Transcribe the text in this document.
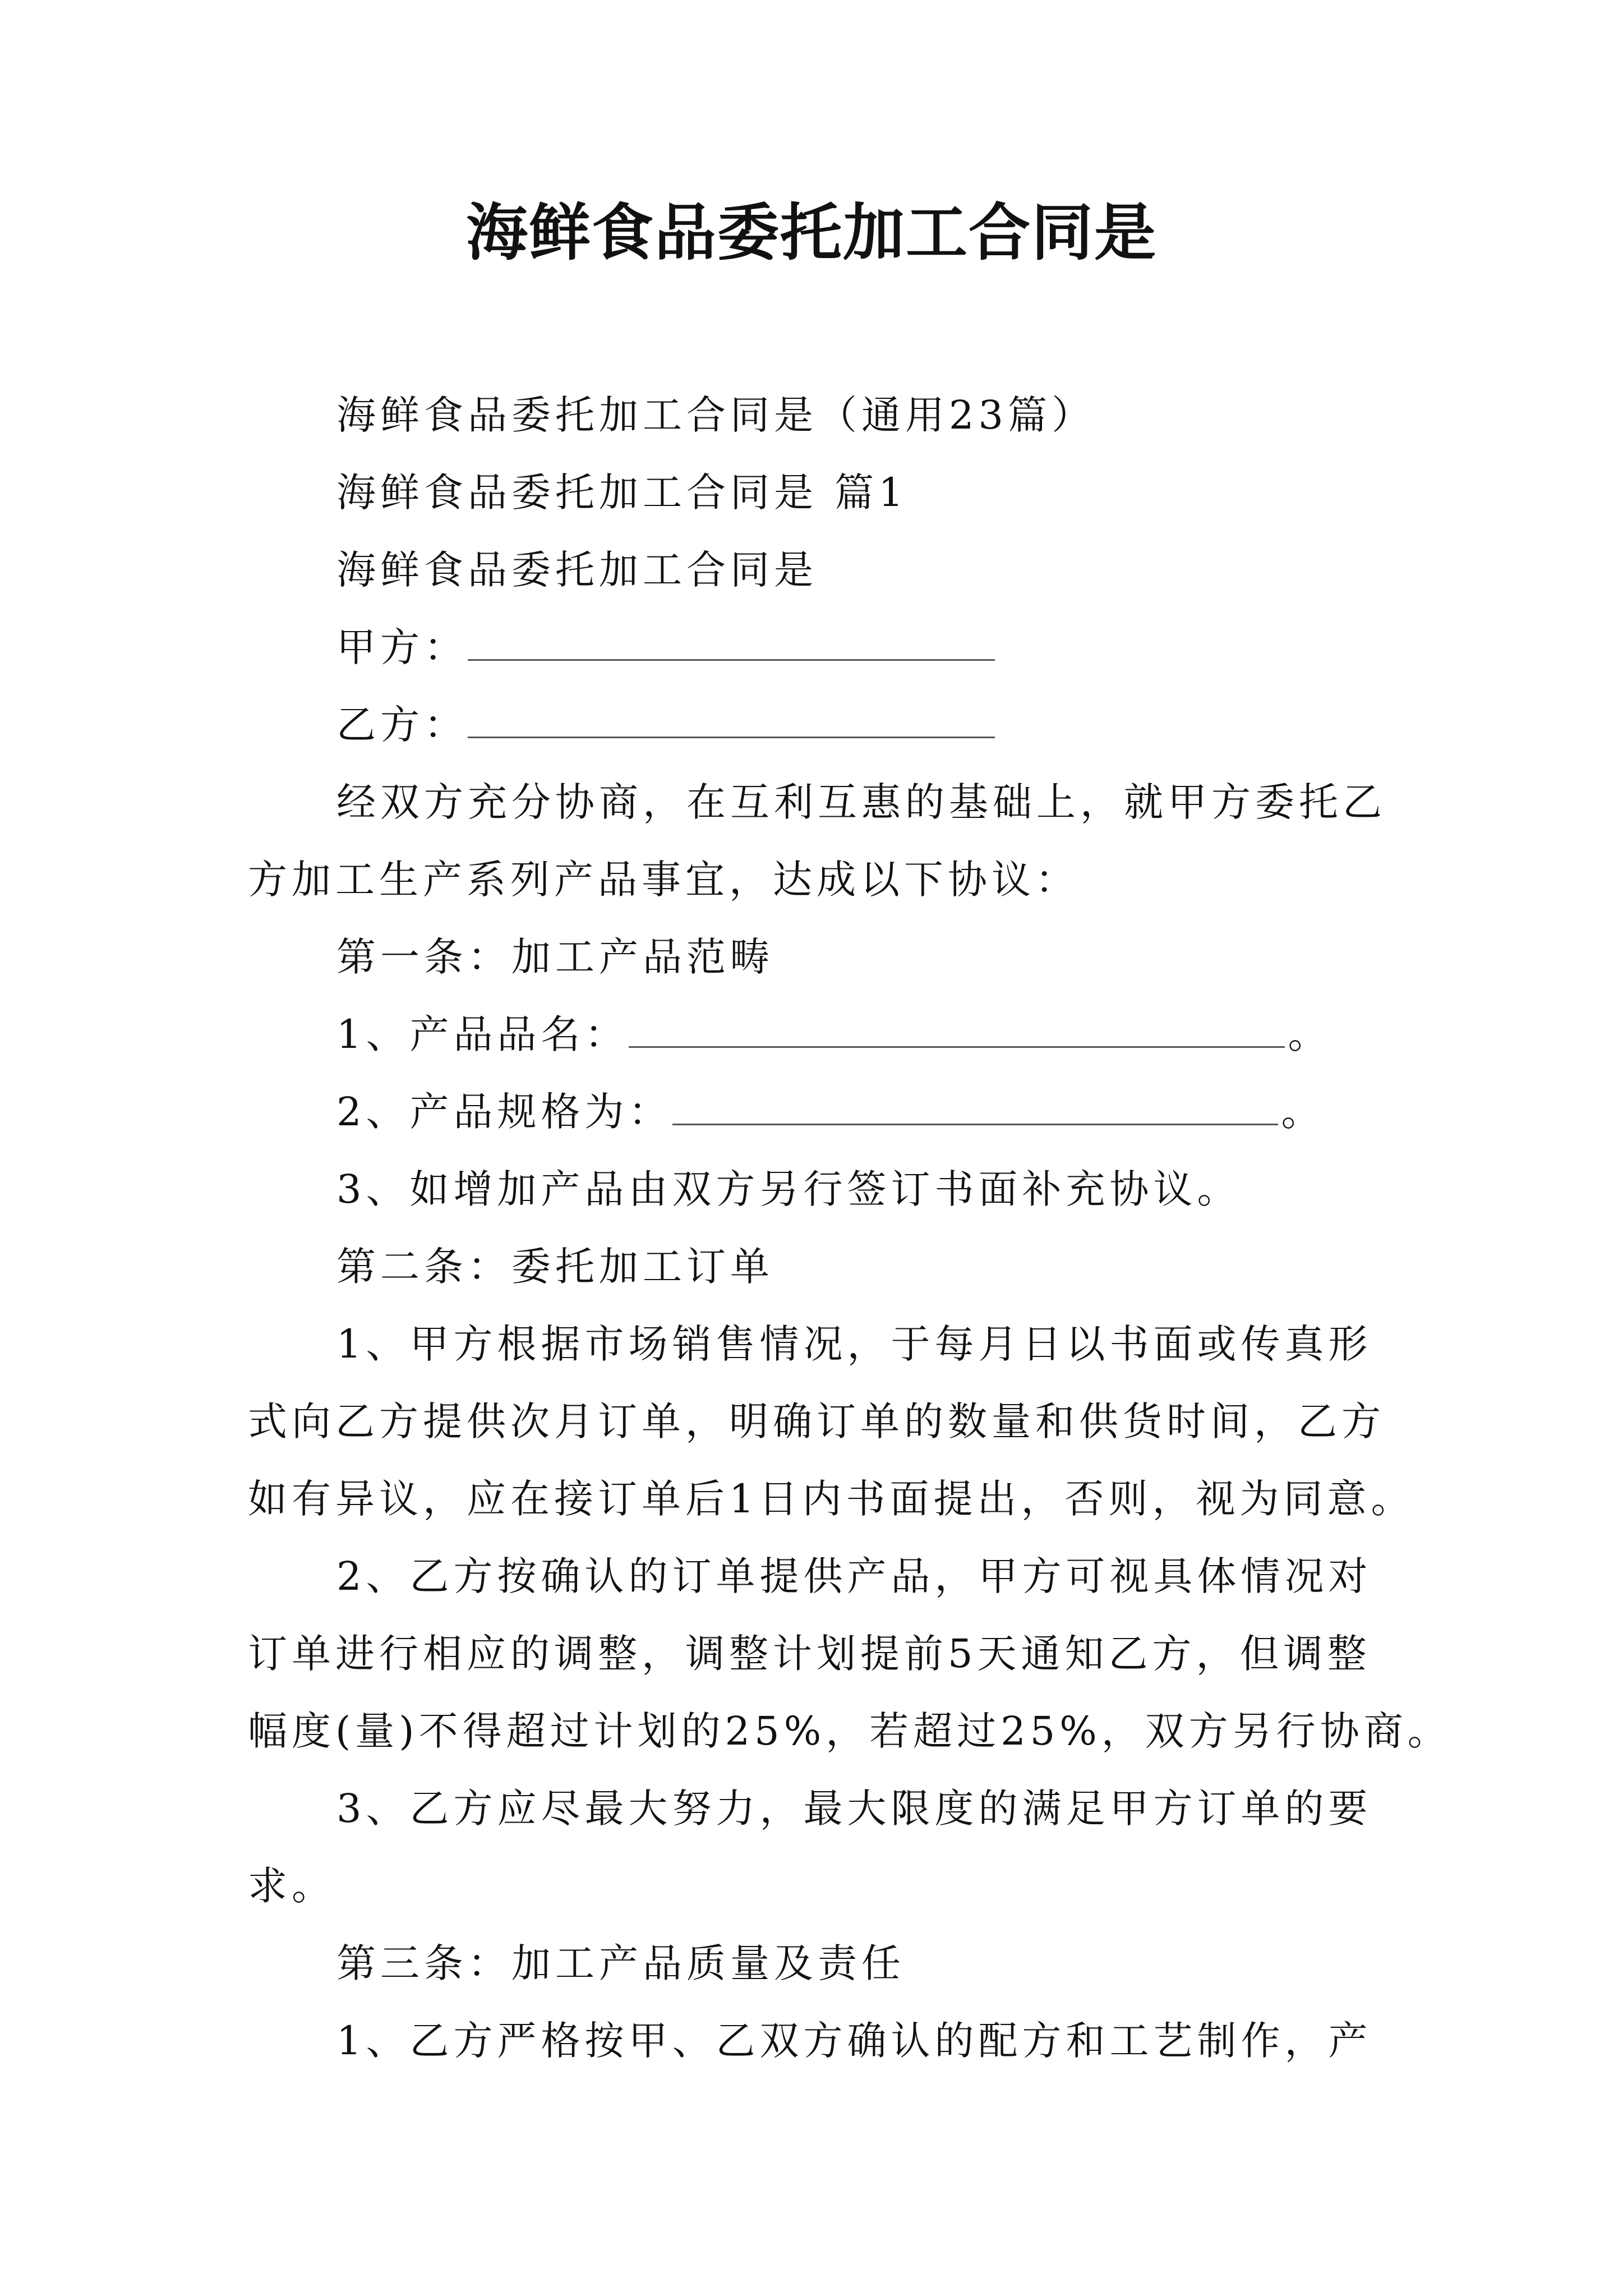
海鲜食品委托加工合同是
海鲜食品委托加工合同是（通用23篇）
海鲜食品委托加工合同是 篇1
海鲜食品委托加工合同是
甲方：
乙方：
经双方充分协商，在互利互惠的基础上，就甲方委托乙
方加工生产系列产品事宜，达成以下协议：
第一条：加工产品范畴
1、产品品名：	。
2、产品规格为：	。
3、如增加产品由双方另行签订书面补充协议。
第二条：委托加工订单
1、甲方根据市场销售情况，于每月日以书面或传真形
式向乙方提供次月订单，明确订单的数量和供货时间，乙方
如有异议，应在接订单后1日内书面提出，否则，视为同意。
2、乙方按确认的订单提供产品，甲方可视具体情况对
订单进行相应的调整，调整计划提前5天通知乙方，但调整
幅度(量)不得超过计划的25%，若超过25%，双方另行协商。
3、乙方应尽最大努力，最大限度的满足甲方订单的要
求。
第三条：加工产品质量及责任
1、乙方严格按甲、乙双方确认的配方和工艺制作，产
